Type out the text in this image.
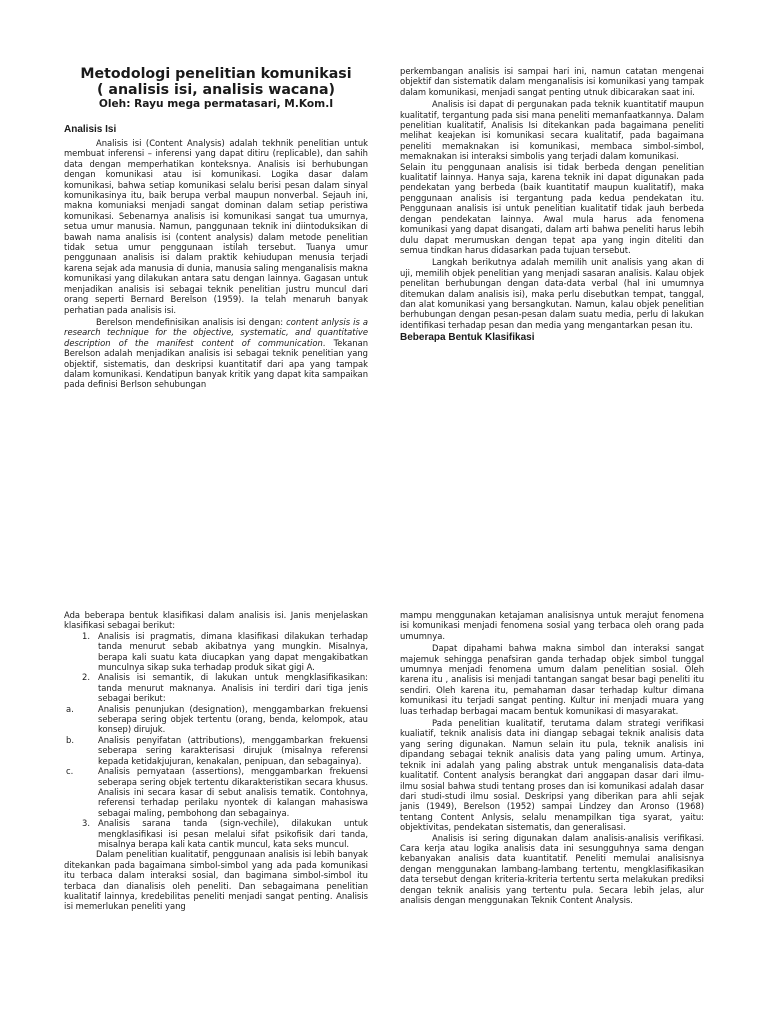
Metodologi penelitian komunikasi
( analisis isi, analisis wacana)
Oleh: Rayu mega permatasari, M.Kom.I
Analisis Isi

Analisis isi (Content Analysis) adalah tekhnik penelitian untuk membuat inferensi – inferensi yang dapat ditiru (replicable), dan sahih data dengan memperhatikan konteksnya. Analisis isi berhubungan dengan komunikasi atau isi komunikasi. Logika dasar dalam komunikasi, bahwa setiap komunikasi selalu berisi pesan dalam sinyal komunikasinya itu, baik berupa verbal maupun nonverbal. Sejauh ini, makna komuniaksi menjadi sangat dominan dalam setiap peristiwa komunikasi. Sebenarnya analisis isi komunikasi sangat tua umurnya, setua umur manusia. Namun, panggunaan teknik ini diintoduksikan di bawah nama analisis isi (content analysis) dalam metode penelitian tidak setua umur penggunaan istilah tersebut. Tuanya umur penggunaan analisis isi dalam praktik kehiudupan menusia terjadi karena sejak ada manusia di dunia, manusia saling menganalisis makna komunikasi yang dilakukan antara satu dengan lainnya. Gagasan untuk menjadikan analisis isi sebagai teknik penelitian justru muncul dari orang seperti Bernard Berelson (1959). Ia telah menaruh banyak perhatian pada analisis isi.

Berelson mendefinisikan analisis isi dengan: content anlysis is a research technique for the objective, systematic, and quantitative description of the manifest content of communication. Tekanan Berelson adalah menjadikan analisis isi sebagai teknik penelitian yang objektif, sistematis, dan deskripsi kuantitatif dari apa yang tampak dalam komunikasi. Kendatipun banyak kritik yang dapat kita sampaikan pada definisi Berlson sehubungan

perkembangan analisis isi sampai hari ini, namun catatan mengenai objektif dan sistematik dalam menganalisis isi komunikasi yang tampak dalam komunikasi, menjadi sangat penting utnuk dibicarakan saat ini.

Analisis isi dapat di pergunakan pada teknik kuantitatif maupun kualitatif, tergantung pada sisi mana peneliti memanfaatkannya. Dalam penelitian kualitatif, Analisis Isi ditekankan pada bagaimana peneliti melihat keajekan isi komunikasi secara kualitatif, pada bagaimana peneliti memaknakan isi komunikasi, membaca simbol-simbol, memaknakan isi interaksi simbolis yang terjadi dalam komunikasi.

Selain itu penggunaan analisis isi tidak berbeda dengan penelitian kualitatif lainnya. Hanya saja, karena teknik ini dapat digunakan pada pendekatan yang berbeda (baik kuantitatif maupun kualitatif), maka penggunaan analisis isi tergantung pada kedua pendekatan itu. Penggunaan analisis isi untuk penelitian kualitatif tidak jauh berbeda dengan pendekatan lainnya. Awal mula harus ada fenomena komunikasi yang dapat disangati, dalam arti bahwa peneliti harus lebih dulu dapat merumuskan dengan tepat apa yang ingin diteliti dan semua tindkan harus didasarkan pada tujuan tersebut.

Langkah berikutnya adalah memilih unit analisis yang akan di uji, memilih objek penelitian yang menjadi sasaran analisis. Kalau objek penelitan berhubungan dengan data-data verbal (hal ini umumnya ditemukan dalam analisis isi), maka perlu disebutkan tempat, tanggal, dan alat komunikasi yang bersangkutan. Namun, kalau objek penelitian berhubungan dengan pesan-pesan dalam suatu media, perlu di lakukan identifikasi terhadap pesan dan media yang mengantarkan pesan itu.

Beberapa Bentuk Klasifikasi

Ada beberapa bentuk klasifikasi dalam analisis isi. Janis menjelaskan klasifikasi sebagai berikut:

1. Analisis isi pragmatis, dimana klasifikasi dilakukan terhadap tanda menurut sebab akibatnya yang mungkin. Misalnya, berapa kali suatu kata diucapkan yang dapat mengakibatkan munculnya sikap suka terhadap produk sikat gigi A.
2. Analisis isi semantik, di lakukan untuk mengklasifikasikan: tanda menurut maknanya. Analisis ini terdiri dari tiga jenis sebagai berikut:
a.	Analisis penunjukan (designation), menggambarkan frekuensi seberapa sering objek tertentu (orang, benda, kelompok, atau konsep) dirujuk.
b.	Analisis penyifatan (attributions), menggambarkan frekuensi seberapa sering karakterisasi dirujuk (misalnya referensi kepada ketidakjujuran, kenakalan, penipuan, dan sebagainya).
c.	Analisis pernyataan (assertions), menggambarkan frekuensi seberapa sering objek tertentu dikarakteristikan secara khusus. Analisis ini secara kasar di sebut analisis tematik. Contohnya, referensi terhadap perilaku nyontek di kalangan mahasiswa sebagai maling, pembohong dan sebagainya.
3. Analisis sarana tanda (sign-vechile), dilakukan untuk mengklasifikasi isi pesan melalui sifat psikofisik dari tanda, misalnya berapa kali kata cantik muncul, kata seks muncul.

Dalam penelitian kualitatif, penggunaan analisis isi lebih banyak ditekankan pada bagaimana simbol-simbol yang ada pada komunikasi itu terbaca dalam interaksi sosial, dan bagimana simbol-simbol itu terbaca dan dianalisis oleh peneliti. Dan sebagaimana penelitian kualitatif lainnya, kredebilitas peneliti menjadi sangat penting. Analisis isi memerlukan peneliti yang

mampu menggunakan ketajaman analisisnya untuk merajut fenomena isi komunikasi menjadi fenomena sosial yang terbaca oleh orang pada umumnya.

Dapat dipahami bahwa makna simbol dan interaksi sangat majemuk sehingga penafsiran ganda terhadap objek simbol tunggal umumnya menjadi fenomena umum dalam penelitian sosial. Oleh karena itu , analisis isi menjadi tantangan sangat besar bagi peneliti itu sendiri. Oleh karena itu, pemahaman dasar terhadap kultur dimana komunikasi itu terjadi sangat penting. Kultur ini menjadi muara yang luas terhadap berbagai macam bentuk komunikasi di masyarakat.

Pada penelitian kualitatif, terutama dalam strategi verifikasi kualiatif, teknik analisis data ini diangap sebagai teknik analisis data yang sering digunakan. Namun selain itu pula, teknik analisis ini dipandang sebagai teknik analisis data yang paling umum. Artinya, teknik ini adalah yang paling abstrak untuk menganalisis data-data kualitatif. Content analysis berangkat dari anggapan dasar dari ilmu-ilmu sosial bahwa studi tentang proses dan isi komunikasi adalah dasar dari studi-studi ilmu sosial. Deskripsi yang diberikan para ahli sejak janis (1949), Berelson (1952) sampai Lindzey dan Aronso (1968) tentang Content Anlysis, selalu menampilkan tiga syarat, yaitu: objektivitas, pendekatan sistematis, dan generalisasi.

Analisis isi sering digunakan dalam analisis-analisis verifikasi. Cara kerja atau logika analisis data ini sesungguhnya sama dengan kebanyakan analisis data kuantitatif. Peneliti memulai analisisnya dengan menggunakan lambang-lambang tertentu, mengklasifikasikan data tersebut dengan kriteria-kriteria tertentu serta melakukan prediksi dengan teknik analisis yang tertentu pula. Secara lebih jelas, alur analisis dengan menggunakan Teknik Content Analysis.
